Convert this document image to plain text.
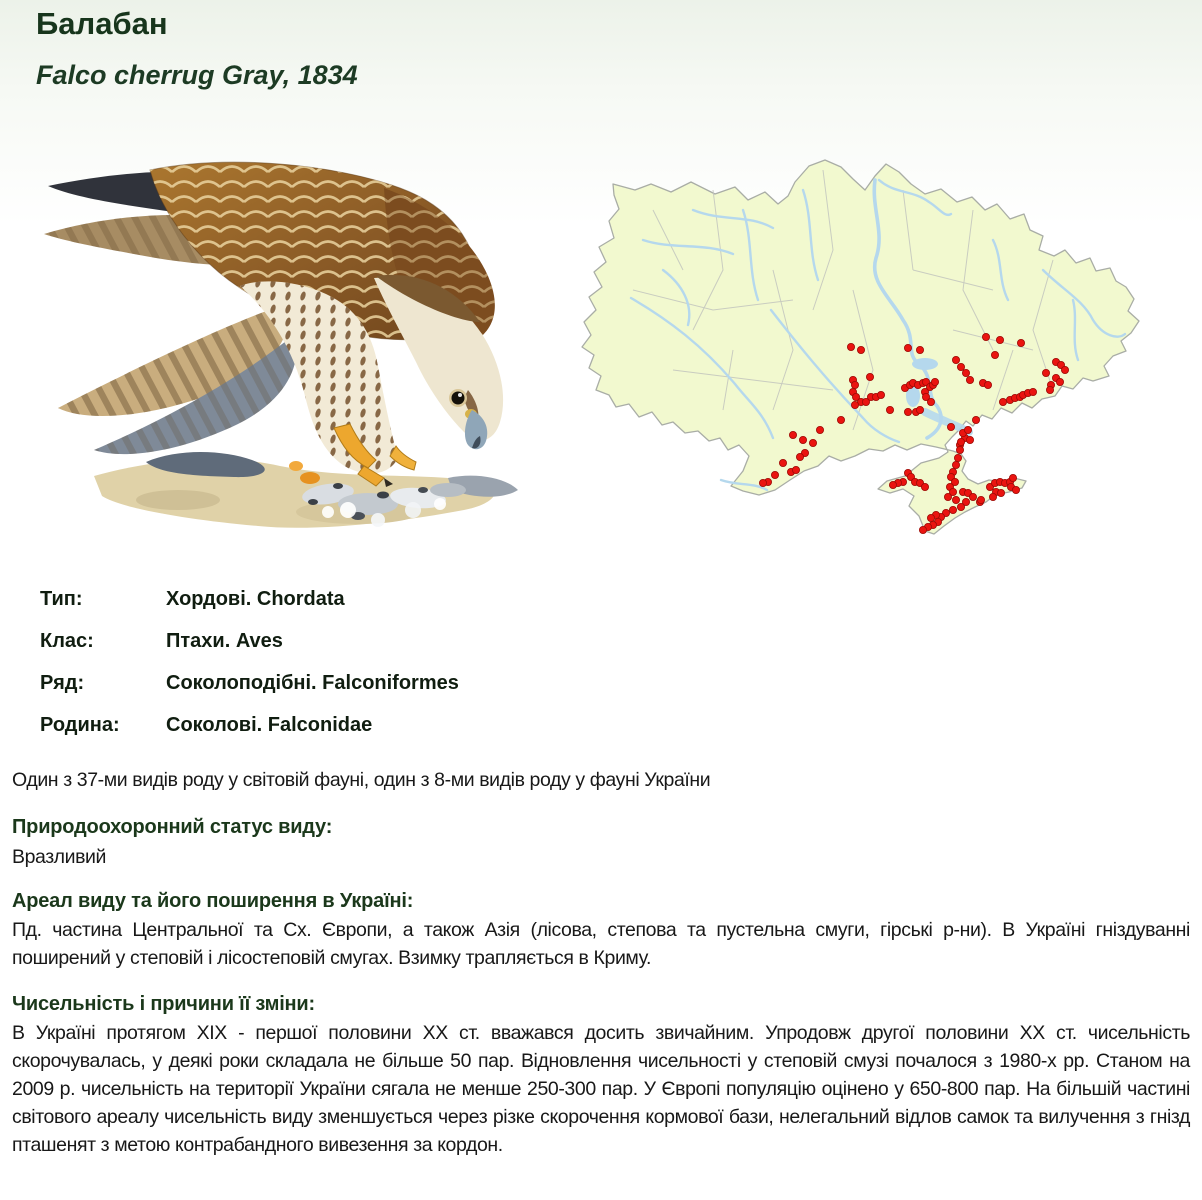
Балабан
Falco cherrug Gray, 1834
Тип:	Хордові. Chordata
Клас:	Птахи. Aves
Ряд:	Соколоподібні. Falconiformes
Родина:	Соколові. Falconidae
Один з 37-ми видів роду у світовій фауні, один з 8-ми видів роду у фауні України
Природоохоронний статус виду:
Вразливий
Ареал виду та його поширення в Україні:
Пд. частина Центральної та Сх. Європи, а також Азія (лісова, степова та пустельна смуги, гірські р-ни). В Україні гніздуванні поширений у степовій і лісостеповій смугах. Взимку трапляється в Криму.
Чисельність і причини її зміни:
В Україні протягом XIX - першої половини XX ст. вважався досить звичайним. Упродовж другої половини XX ст. чисельність скорочувалась, у деякі роки складала не більше 50 пар. Відновлення чисельності у степовій смузі почалося з 1980-х рр. Станом на 2009 р. чисельність на території України сягала не менше 250-300 пар. У Європі популяцію оцінено у 650-800 пар. На більшій частині світового ареалу чисельність виду зменшується через різке скорочення кормової бази, нелегальний відлов самок та вилучення з гнізд пташенят з метою контрабандного вивезення за кордон.
